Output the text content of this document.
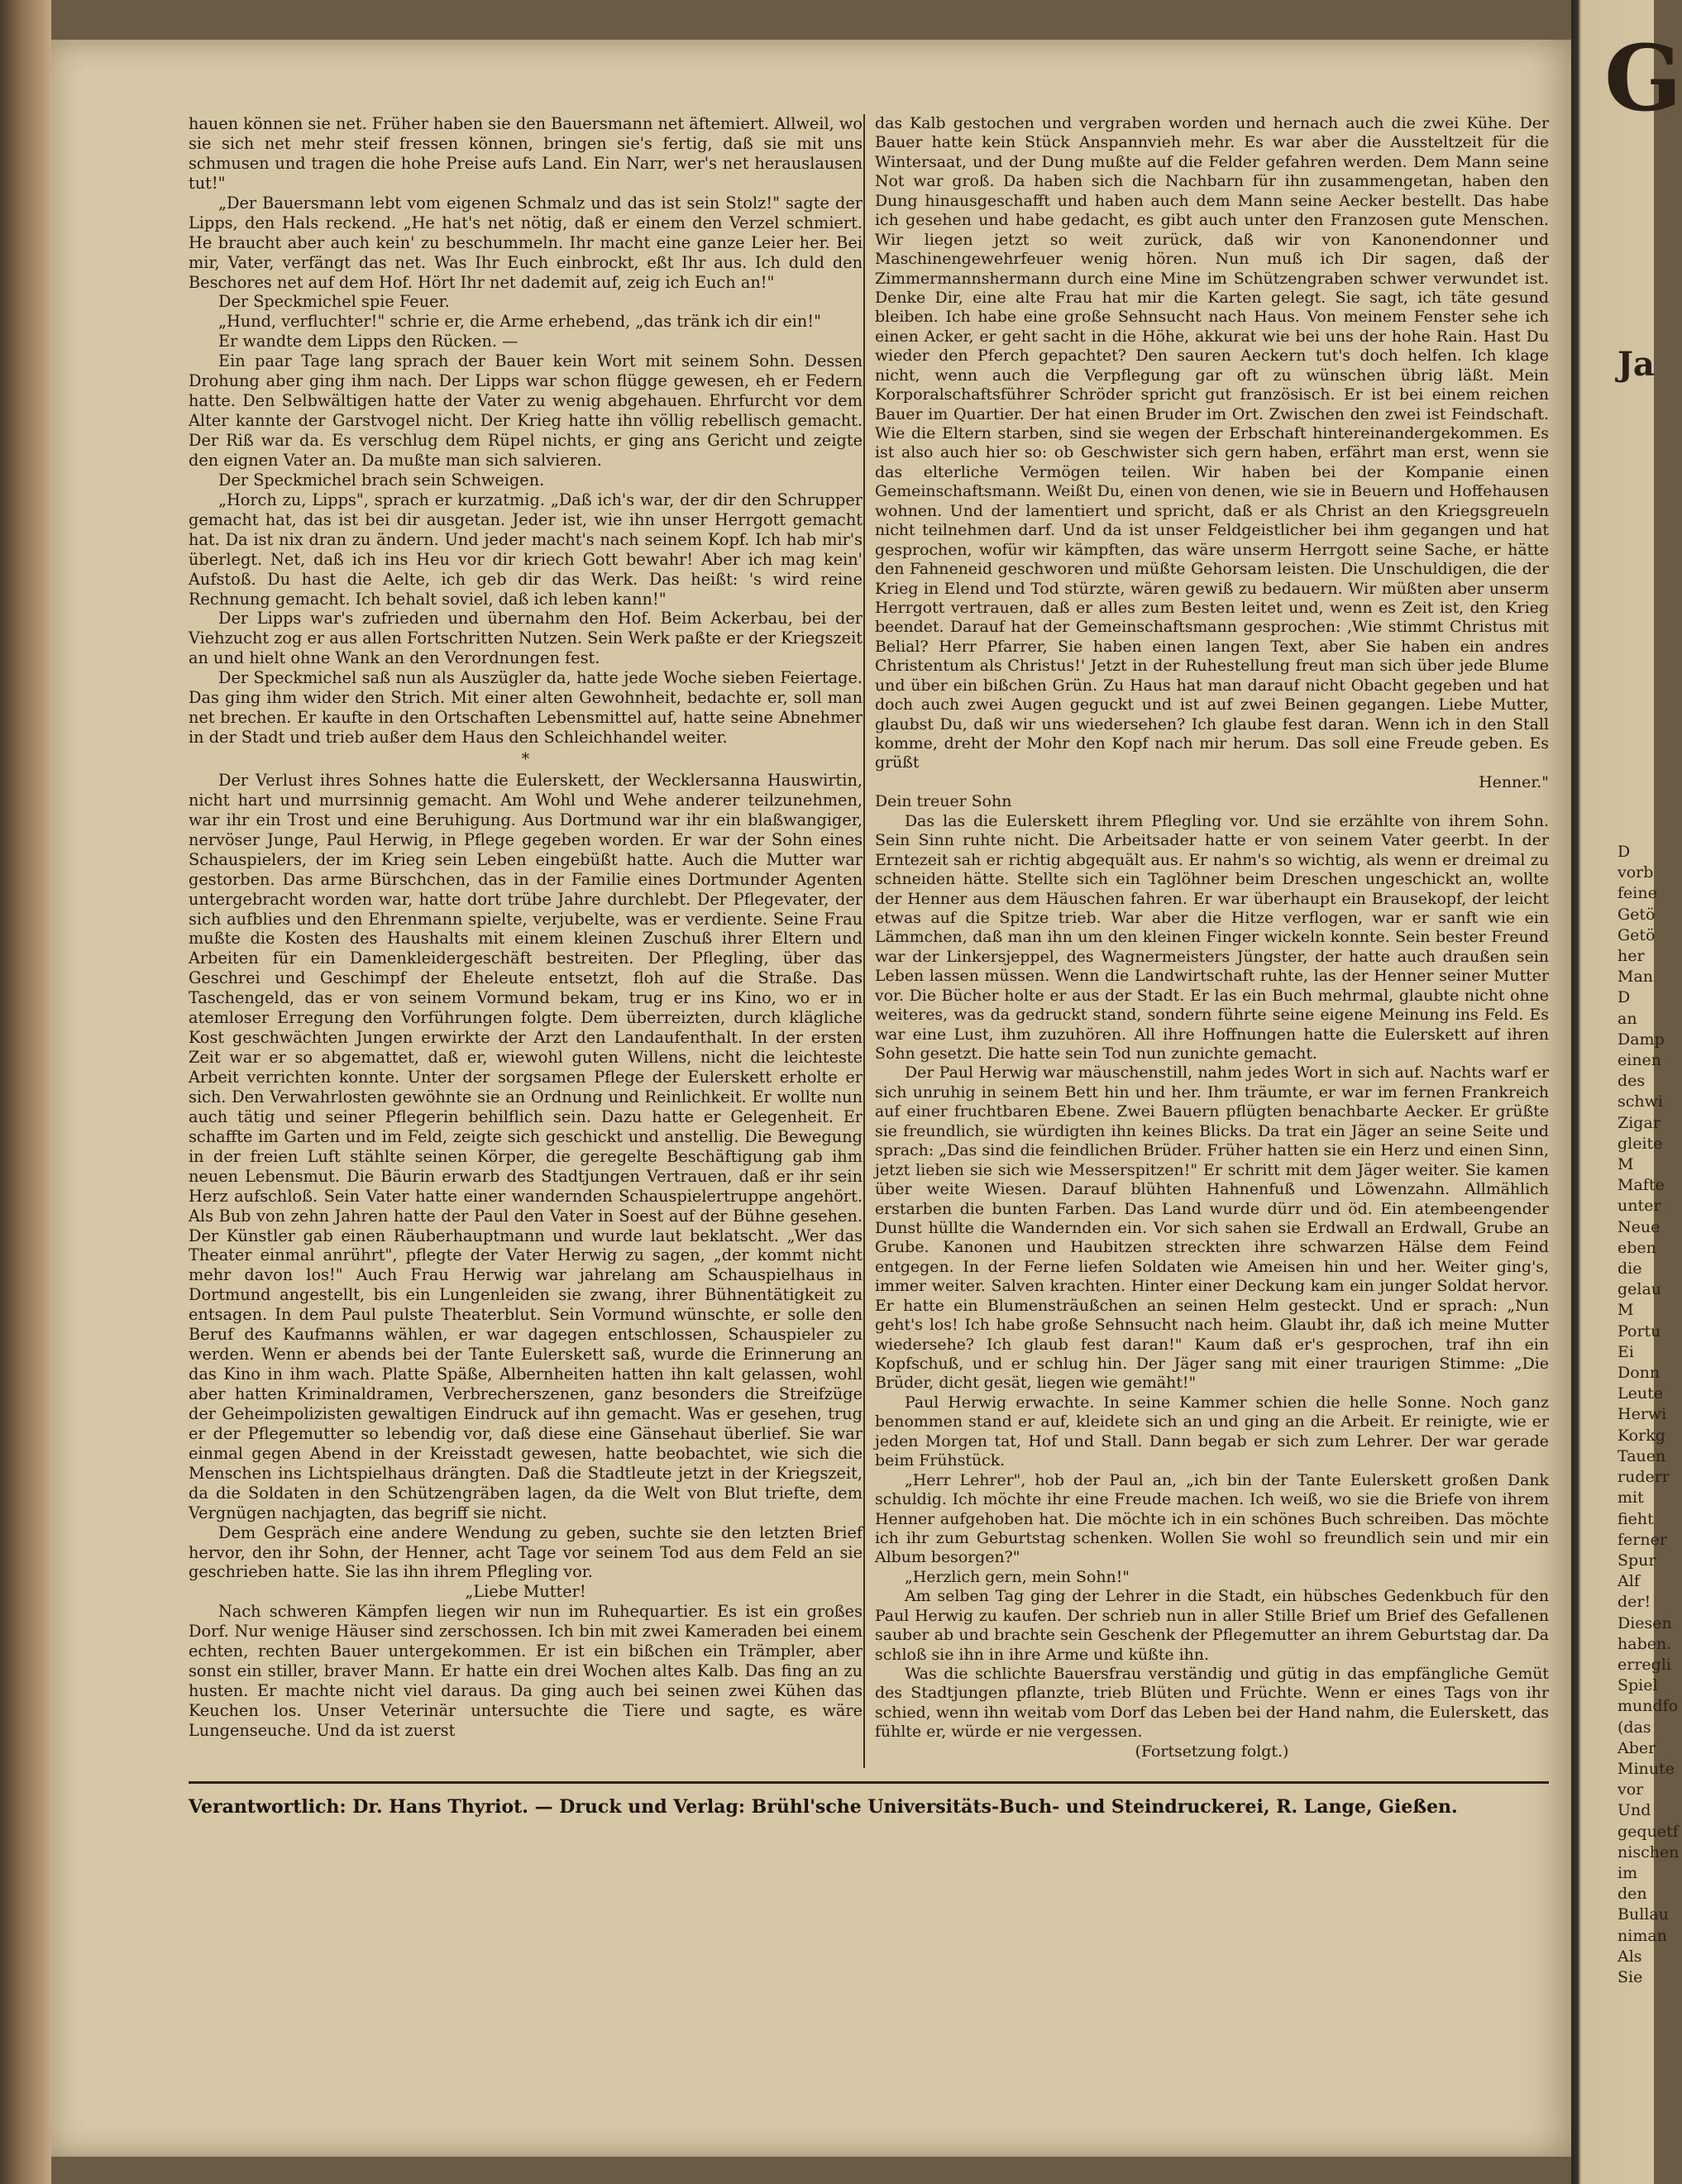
G
Ja
D
vorb
feine
Getö
Getö
her
Man
D
an
Damp
einen
des
schwi
Zigar
gleite
M
Mafte
unter
Neue
eben
die
gelau
M
Portu
Ei
Donn
Leute
Herwi
Korkg
Tauen
ruderr
mit
fieht
ferner
Spur
Alf
der!
Diesen
haben.
erregli
Spiel
mundfo
(das
Aber
Minute
vor
Und
gequetf
nischen
im
den
Bullau
niman
Als
Sie

hauen können sie net. Früher haben sie den Bauersmann net äftemiert. Allweil, wo sie sich net mehr steif fressen können, bringen sie's fertig, daß sie mit uns schmusen und tragen die hohe Preise aufs Land. Ein Narr, wer's net herauslausen tut!"

„Der Bauersmann lebt vom eigenen Schmalz und das ist sein Stolz!" sagte der Lipps, den Hals reckend. „He hat's net nötig, daß er einem den Verzel schmiert. He braucht aber auch kein' zu beschummeln. Ihr macht eine ganze Leier her. Bei mir, Vater, verfängt das net. Was Ihr Euch einbrockt, eßt Ihr aus. Ich duld den Beschores net auf dem Hof. Hört Ihr net dademit auf, zeig ich Euch an!"

Der Speckmichel spie Feuer.

„Hund, verfluchter!" schrie er, die Arme erhebend, „das tränk ich dir ein!"

Er wandte dem Lipps den Rücken. —

Ein paar Tage lang sprach der Bauer kein Wort mit seinem Sohn. Dessen Drohung aber ging ihm nach. Der Lipps war schon flügge gewesen, eh er Federn hatte. Den Selbwältigen hatte der Vater zu wenig abgehauen. Ehrfurcht vor dem Alter kannte der Garstvogel nicht. Der Krieg hatte ihn völlig rebellisch gemacht. Der Riß war da. Es verschlug dem Rüpel nichts, er ging ans Gericht und zeigte den eignen Vater an. Da mußte man sich salvieren.

Der Speckmichel brach sein Schweigen.

„Horch zu, Lipps", sprach er kurzatmig. „Daß ich's war, der dir den Schrupper gemacht hat, das ist bei dir ausgetan. Jeder ist, wie ihn unser Herrgott gemacht hat. Da ist nix dran zu ändern. Und jeder macht's nach seinem Kopf. Ich hab mir's überlegt. Net, daß ich ins Heu vor dir kriech Gott bewahr! Aber ich mag kein' Aufstoß. Du hast die Aelte, ich geb dir das Werk. Das heißt: 's wird reine Rechnung gemacht. Ich behalt soviel, daß ich leben kann!"

Der Lipps war's zufrieden und übernahm den Hof. Beim Ackerbau, bei der Viehzucht zog er aus allen Fortschritten Nutzen. Sein Werk paßte er der Kriegszeit an und hielt ohne Wank an den Verordnungen fest.

Der Speckmichel saß nun als Auszügler da, hatte jede Woche sieben Feiertage. Das ging ihm wider den Strich. Mit einer alten Gewohnheit, bedachte er, soll man net brechen. Er kaufte in den Ortschaften Lebensmittel auf, hatte seine Abnehmer in der Stadt und trieb außer dem Haus den Schleichhandel weiter.

*

Der Verlust ihres Sohnes hatte die Eulerskett, der Wecklersanna Hauswirtin, nicht hart und murrsinnig gemacht. Am Wohl und Wehe anderer teilzunehmen, war ihr ein Trost und eine Beruhigung. Aus Dortmund war ihr ein blaßwangiger, nervöser Junge, Paul Herwig, in Pflege gegeben worden. Er war der Sohn eines Schauspielers, der im Krieg sein Leben eingebüßt hatte. Auch die Mutter war gestorben. Das arme Bürschchen, das in der Familie eines Dortmunder Agenten untergebracht worden war, hatte dort trübe Jahre durchlebt. Der Pflegevater, der sich aufblies und den Ehrenmann spielte, verjubelte, was er verdiente. Seine Frau mußte die Kosten des Haushalts mit einem kleinen Zuschuß ihrer Eltern und Arbeiten für ein Damenkleidergeschäft bestreiten. Der Pflegling, über das Geschrei und Geschimpf der Eheleute entsetzt, floh auf die Straße. Das Taschengeld, das er von seinem Vormund bekam, trug er ins Kino, wo er in atemloser Erregung den Vorführungen folgte. Dem überreizten, durch klägliche Kost geschwächten Jungen erwirkte der Arzt den Landaufenthalt. In der ersten Zeit war er so abgemattet, daß er, wiewohl guten Willens, nicht die leichteste Arbeit verrichten konnte. Unter der sorgsamen Pflege der Eulerskett erholte er sich. Den Verwahrlosten gewöhnte sie an Ordnung und Reinlichkeit. Er wollte nun auch tätig und seiner Pflegerin behilflich sein. Dazu hatte er Gelegenheit. Er schaffte im Garten und im Feld, zeigte sich geschickt und anstellig. Die Bewegung in der freien Luft stählte seinen Körper, die geregelte Beschäftigung gab ihm neuen Lebensmut. Die Bäurin erwarb des Stadtjungen Vertrauen, daß er ihr sein Herz aufschloß. Sein Vater hatte einer wandernden Schauspielertruppe angehört. Als Bub von zehn Jahren hatte der Paul den Vater in Soest auf der Bühne gesehen. Der Künstler gab einen Räuberhauptmann und wurde laut beklatscht. „Wer das Theater einmal anrührt", pflegte der Vater Herwig zu sagen, „der kommt nicht mehr davon los!" Auch Frau Herwig war jahrelang am Schauspielhaus in Dortmund angestellt, bis ein Lungenleiden sie zwang, ihrer Bühnentätigkeit zu entsagen. In dem Paul pulste Theaterblut. Sein Vormund wünschte, er solle den Beruf des Kaufmanns wählen, er war dagegen entschlossen, Schauspieler zu werden. Wenn er abends bei der Tante Eulerskett saß, wurde die Erinnerung an das Kino in ihm wach. Platte Späße, Albernheiten hatten ihn kalt gelassen, wohl aber hatten Kriminaldramen, Verbrecherszenen, ganz besonders die Streifzüge der Geheimpolizisten gewaltigen Eindruck auf ihn gemacht. Was er gesehen, trug er der Pflegemutter so lebendig vor, daß diese eine Gänsehaut überlief. Sie war einmal gegen Abend in der Kreisstadt gewesen, hatte beobachtet, wie sich die Menschen ins Lichtspielhaus drängten. Daß die Stadtleute jetzt in der Kriegszeit, da die Soldaten in den Schützengräben lagen, da die Welt von Blut triefte, dem Vergnügen nachjagten, das begriff sie nicht.

Dem Gespräch eine andere Wendung zu geben, suchte sie den letzten Brief hervor, den ihr Sohn, der Henner, acht Tage vor seinem Tod aus dem Feld an sie geschrieben hatte. Sie las ihn ihrem Pflegling vor.

„Liebe Mutter!

Nach schweren Kämpfen liegen wir nun im Ruhequartier. Es ist ein großes Dorf. Nur wenige Häuser sind zerschossen. Ich bin mit zwei Kameraden bei einem echten, rechten Bauer untergekommen. Er ist ein bißchen ein Trämpler, aber sonst ein stiller, braver Mann. Er hatte ein drei Wochen altes Kalb. Das fing an zu husten. Er machte nicht viel daraus. Da ging auch bei seinen zwei Kühen das Keuchen los. Unser Veterinär untersuchte die Tiere und sagte, es wäre Lungenseuche. Und da ist zuerst

das Kalb gestochen und vergraben worden und hernach auch die zwei Kühe. Der Bauer hatte kein Stück Anspannvieh mehr. Es war aber die Aussteltzeit für die Wintersaat, und der Dung mußte auf die Felder gefahren werden. Dem Mann seine Not war groß. Da haben sich die Nachbarn für ihn zusammengetan, haben den Dung hinausgeschafft und haben auch dem Mann seine Aecker bestellt. Das habe ich gesehen und habe gedacht, es gibt auch unter den Franzosen gute Menschen. Wir liegen jetzt so weit zurück, daß wir von Kanonendonner und Maschinengewehrfeuer wenig hören. Nun muß ich Dir sagen, daß der Zimmermannshermann durch eine Mine im Schützengraben schwer verwundet ist. Denke Dir, eine alte Frau hat mir die Karten gelegt. Sie sagt, ich täte gesund bleiben. Ich habe eine große Sehnsucht nach Haus. Von meinem Fenster sehe ich einen Acker, er geht sacht in die Höhe, akkurat wie bei uns der hohe Rain. Hast Du wieder den Pferch gepachtet? Den sauren Aeckern tut's doch helfen. Ich klage nicht, wenn auch die Verpflegung gar oft zu wünschen übrig läßt. Mein Korporalschaftsführer Schröder spricht gut französisch. Er ist bei einem reichen Bauer im Quartier. Der hat einen Bruder im Ort. Zwischen den zwei ist Feindschaft. Wie die Eltern starben, sind sie wegen der Erbschaft hintereinandergekommen. Es ist also auch hier so: ob Geschwister sich gern haben, erfährt man erst, wenn sie das elterliche Vermögen teilen. Wir haben bei der Kompanie einen Gemeinschaftsmann. Weißt Du, einen von denen, wie sie in Beuern und Hoffehausen wohnen. Und der lamentiert und spricht, daß er als Christ an den Kriegsgreueln nicht teilnehmen darf. Und da ist unser Feldgeistlicher bei ihm gegangen und hat gesprochen, wofür wir kämpften, das wäre unserm Herrgott seine Sache, er hätte den Fahneneid geschworen und müßte Gehorsam leisten. Die Unschuldigen, die der Krieg in Elend und Tod stürzte, wären gewiß zu bedauern. Wir müßten aber unserm Herrgott vertrauen, daß er alles zum Besten leitet und, wenn es Zeit ist, den Krieg beendet. Darauf hat der Gemeinschaftsmann gesprochen: ‚Wie stimmt Christus mit Belial? Herr Pfarrer, Sie haben einen langen Text, aber Sie haben ein andres Christentum als Christus!' Jetzt in der Ruhestellung freut man sich über jede Blume und über ein bißchen Grün. Zu Haus hat man darauf nicht Obacht gegeben und hat doch auch zwei Augen geguckt und ist auf zwei Beinen gegangen. Liebe Mutter, glaubst Du, daß wir uns wiedersehen? Ich glaube fest daran. Wenn ich in den Stall komme, dreht der Mohr den Kopf nach mir herum. Das soll eine Freude geben. Es grüßt

Henner."

Dein treuer Sohn

Das las die Eulerskett ihrem Pflegling vor. Und sie erzählte von ihrem Sohn. Sein Sinn ruhte nicht. Die Arbeitsader hatte er von seinem Vater geerbt. In der Erntezeit sah er richtig abgequält aus. Er nahm's so wichtig, als wenn er dreimal zu schneiden hätte. Stellte sich ein Taglöhner beim Dreschen ungeschickt an, wollte der Henner aus dem Häuschen fahren. Er war überhaupt ein Brausekopf, der leicht etwas auf die Spitze trieb. War aber die Hitze verflogen, war er sanft wie ein Lämmchen, daß man ihn um den kleinen Finger wickeln konnte. Sein bester Freund war der Linkersjeppel, des Wagnermeisters Jüngster, der hatte auch draußen sein Leben lassen müssen. Wenn die Landwirtschaft ruhte, las der Henner seiner Mutter vor. Die Bücher holte er aus der Stadt. Er las ein Buch mehrmal, glaubte nicht ohne weiteres, was da gedruckt stand, sondern führte seine eigene Meinung ins Feld. Es war eine Lust, ihm zuzuhören. All ihre Hoffnungen hatte die Eulerskett auf ihren Sohn gesetzt. Die hatte sein Tod nun zunichte gemacht.

Der Paul Herwig war mäuschenstill, nahm jedes Wort in sich auf. Nachts warf er sich unruhig in seinem Bett hin und her. Ihm träumte, er war im fernen Frankreich auf einer fruchtbaren Ebene. Zwei Bauern pflügten benachbarte Aecker. Er grüßte sie freundlich, sie würdigten ihn keines Blicks. Da trat ein Jäger an seine Seite und sprach: „Das sind die feindlichen Brüder. Früher hatten sie ein Herz und einen Sinn, jetzt lieben sie sich wie Messerspitzen!" Er schritt mit dem Jäger weiter. Sie kamen über weite Wiesen. Darauf blühten Hahnenfuß und Löwenzahn. Allmählich erstarben die bunten Farben. Das Land wurde dürr und öd. Ein atembeengender Dunst hüllte die Wandernden ein. Vor sich sahen sie Erdwall an Erdwall, Grube an Grube. Kanonen und Haubitzen streckten ihre schwarzen Hälse dem Feind entgegen. In der Ferne liefen Soldaten wie Ameisen hin und her. Weiter ging's, immer weiter. Salven krachten. Hinter einer Deckung kam ein junger Soldat hervor. Er hatte ein Blumensträußchen an seinen Helm gesteckt. Und er sprach: „Nun geht's los! Ich habe große Sehnsucht nach heim. Glaubt ihr, daß ich meine Mutter wiedersehe? Ich glaub fest daran!" Kaum daß er's gesprochen, traf ihn ein Kopfschuß, und er schlug hin. Der Jäger sang mit einer traurigen Stimme: „Die Brüder, dicht gesät, liegen wie gemäht!"

Paul Herwig erwachte. In seine Kammer schien die helle Sonne. Noch ganz benommen stand er auf, kleidete sich an und ging an die Arbeit. Er reinigte, wie er jeden Morgen tat, Hof und Stall. Dann begab er sich zum Lehrer. Der war gerade beim Frühstück.

„Herr Lehrer", hob der Paul an, „ich bin der Tante Eulerskett großen Dank schuldig. Ich möchte ihr eine Freude machen. Ich weiß, wo sie die Briefe von ihrem Henner aufgehoben hat. Die möchte ich in ein schönes Buch schreiben. Das möchte ich ihr zum Geburtstag schenken. Wollen Sie wohl so freundlich sein und mir ein Album besorgen?"

„Herzlich gern, mein Sohn!"

Am selben Tag ging der Lehrer in die Stadt, ein hübsches Gedenkbuch für den Paul Herwig zu kaufen. Der schrieb nun in aller Stille Brief um Brief des Gefallenen sauber ab und brachte sein Geschenk der Pflegemutter an ihrem Geburtstag dar. Da schloß sie ihn in ihre Arme und küßte ihn.

Was die schlichte Bauersfrau verständig und gütig in das empfängliche Gemüt des Stadtjungen pflanzte, trieb Blüten und Früchte. Wenn er eines Tags von ihr schied, wenn ihn weitab vom Dorf das Leben bei der Hand nahm, die Eulerskett, das fühlte er, würde er nie vergessen.

(Fortsetzung folgt.)

Verantwortlich: Dr. Hans Thyriot. — Druck und Verlag: Brühl'sche Universitäts-Buch- und Steindruckerei, R. Lange, Gießen.
